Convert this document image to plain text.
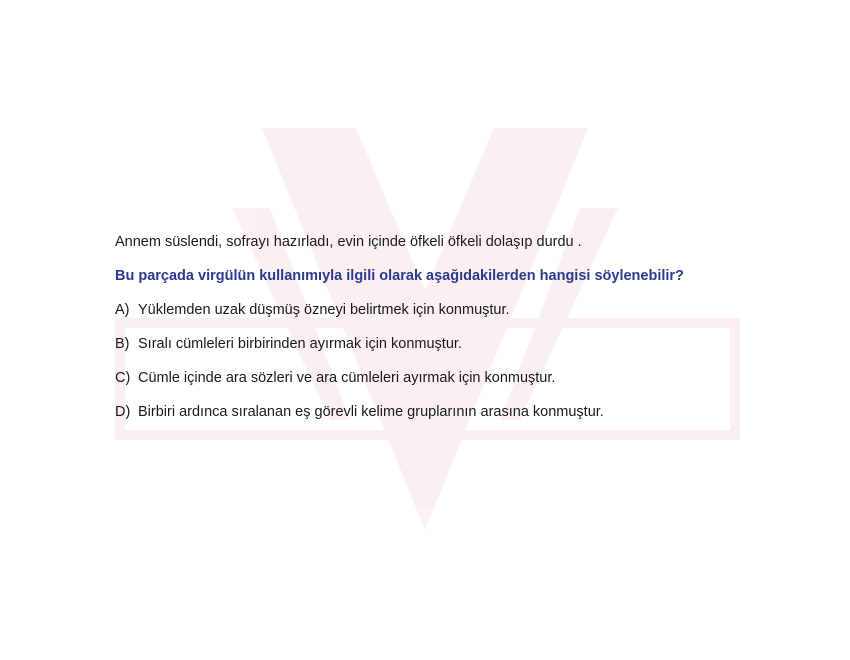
Annem süslendi, sofrayı hazırladı, evin içinde öfkeli öfkeli dolaşıp durdu .

Bu parçada virgülün kullanımıyla ilgili olarak aşağıdakilerden hangisi söylenebilir?

A) Yüklemden uzak düşmüş özneyi belirtmek için konmuştur.

B) Sıralı cümleleri birbirinden ayırmak için konmuştur.

C) Cümle içinde ara sözleri ve ara cümleleri ayırmak için konmuştur.

D) Birbiri ardınca sıralanan eş görevli kelime gruplarının arasına konmuştur.
